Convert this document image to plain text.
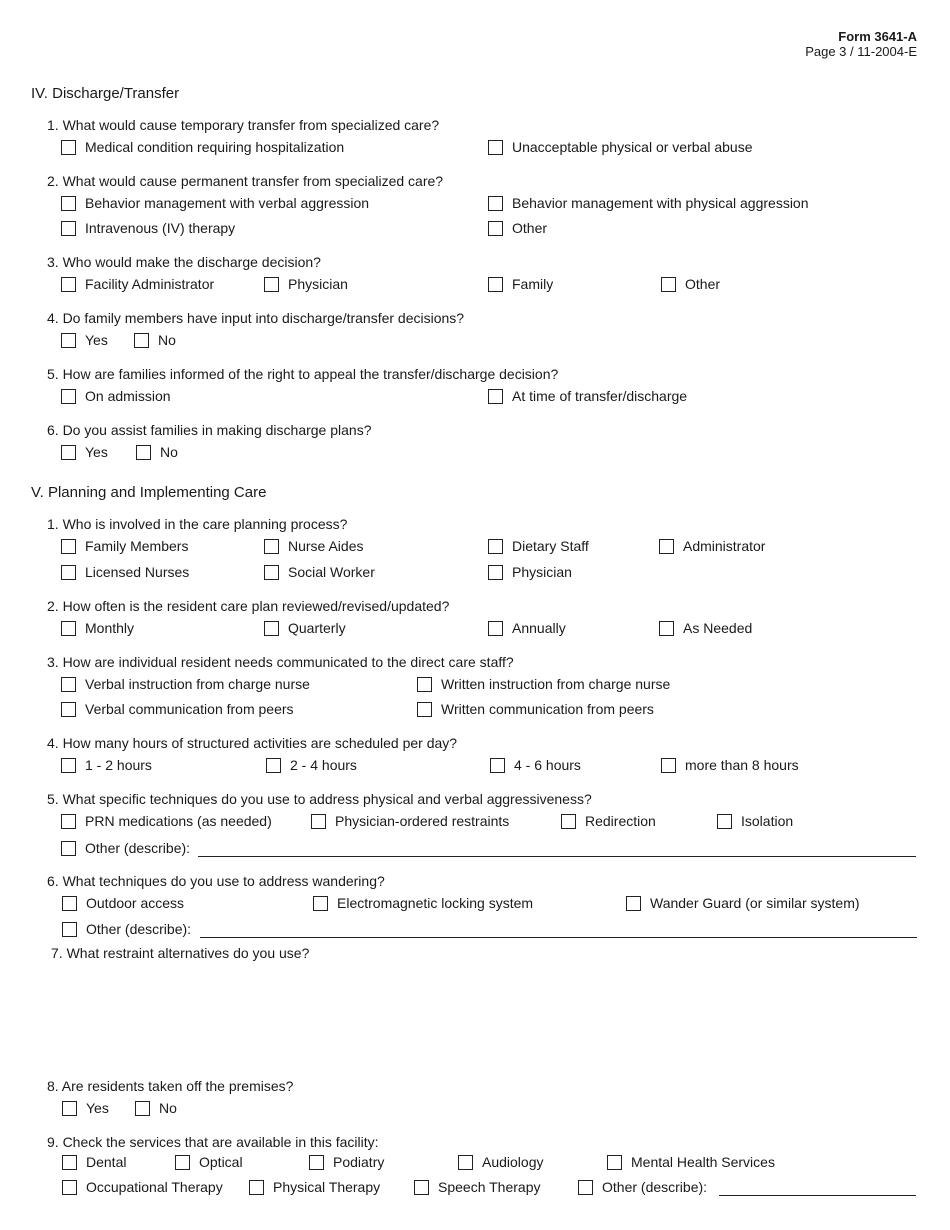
Form 3641-A
Page 3 / 11-2004-E
IV. Discharge/Transfer
1. What would cause temporary transfer from specialized care?
Medical condition requiring hospitalization	Unacceptable physical or verbal abuse
2. What would cause permanent transfer from specialized care?
Behavior management with verbal aggression	Behavior management with physical aggression
Intravenous (IV) therapy	Other
3. Who would make the discharge decision?
Facility Administrator	Physician	Family	Other
4. Do family members have input into discharge/transfer decisions?
Yes	No
5. How are families informed of the right to appeal the transfer/discharge decision?
On admission	At time of transfer/discharge
6. Do you assist families in making discharge plans?
Yes	No
V. Planning and Implementing Care
1. Who is involved in the care planning process?
Family Members	Nurse Aides	Dietary Staff	Administrator
Licensed Nurses	Social Worker	Physician
2. How often is the resident care plan reviewed/revised/updated?
Monthly	Quarterly	Annually	As Needed
3. How are individual resident needs communicated to the direct care staff?
Verbal instruction from charge nurse	Written instruction from charge nurse
Verbal communication from peers	Written communication from peers
4. How many hours of structured activities are scheduled per day?
1 - 2 hours	2 - 4 hours	4 - 6 hours	more than 8 hours
5. What specific techniques do you use to address physical and verbal aggressiveness?
PRN medications (as needed)	Physician-ordered restraints	Redirection	Isolation
Other (describe):
6. What techniques do you use to address wandering?
Outdoor access	Electromagnetic locking system	Wander Guard (or similar system)
Other (describe):
7. What restraint alternatives do you use?
8. Are residents taken off the premises?
Yes	No
9. Check the services that are available in this facility:
Dental	Optical	Podiatry	Audiology	Mental Health Services
Occupational Therapy	Physical Therapy	Speech Therapy	Other (describe):
